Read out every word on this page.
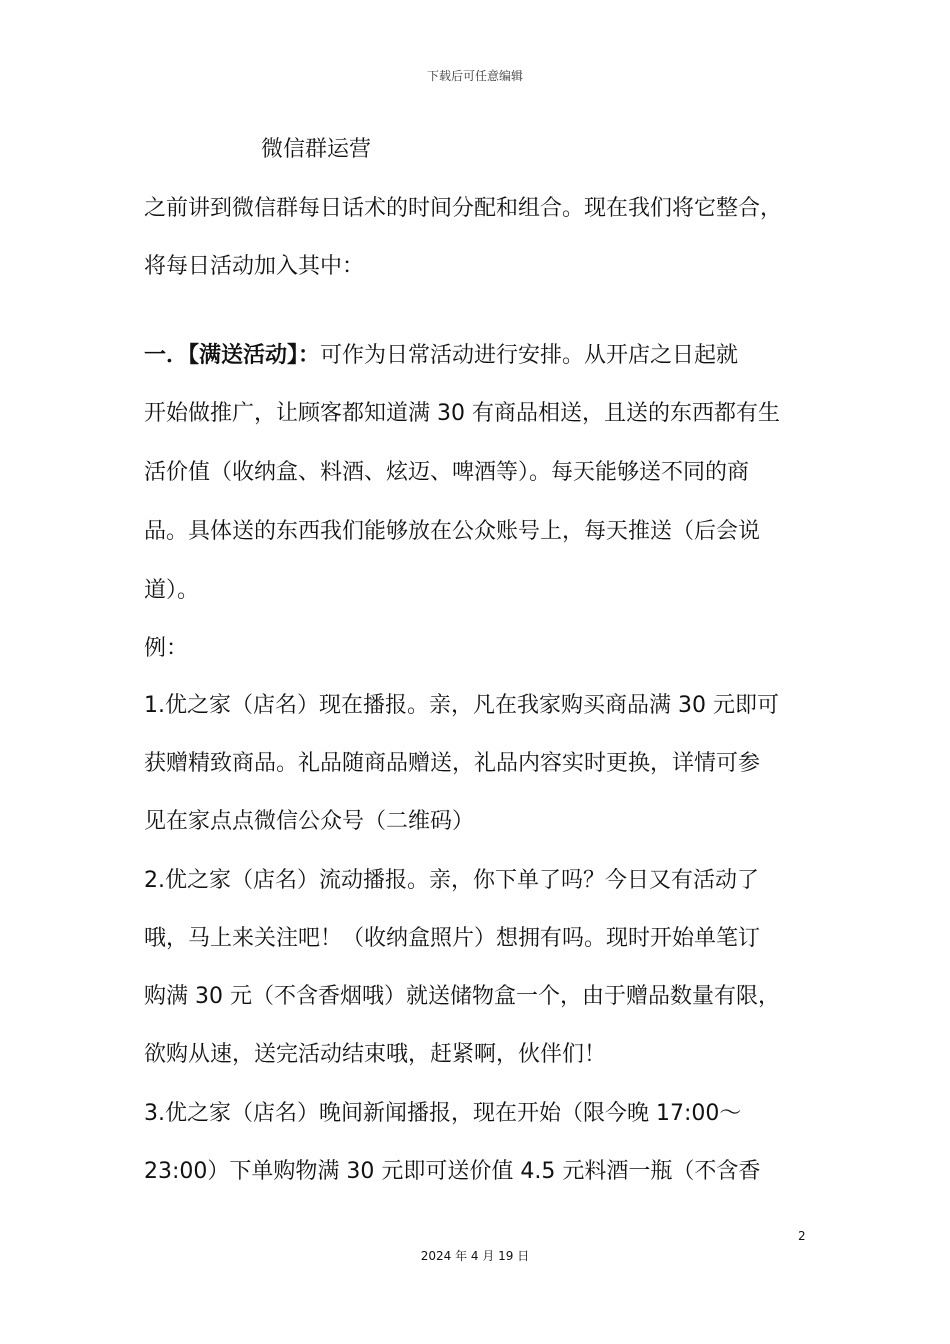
下载后可任意编辑
微信群运营
之前讲到微信群每日话术的时间分配和组合。现在我们将它整合，
将每日活动加入其中：
一．【满送活动】：可作为日常活动进行安排。从开店之日起就
开始做推广，让顾客都知道满 30 有商品相送，且送的东西都有生
活价值（收纳盒、料酒、炫迈、啤酒等）。每天能够送不同的商
品。具体送的东西我们能够放在公众账号上，每天推送（后会说
道）。
例：
1.优之家（店名）现在播报。亲，凡在我家购买商品满 30 元即可
获赠精致商品。礼品随商品赠送，礼品内容实时更换，详情可参
见在家点点微信公众号（二维码）
2.优之家（店名）流动播报。亲，你下单了吗？今日又有活动了
哦，马上来关注吧！（收纳盒照片）想拥有吗。现时开始单笔订
购满 30 元（不含香烟哦）就送储物盒一个，由于赠品数量有限，
欲购从速，送完活动结束哦，赶紧啊，伙伴们！
3.优之家（店名）晚间新闻播报，现在开始（限今晚 17:00～
23:00）下单购物满 30 元即可送价值 4.5 元料酒一瓶（不含香
2
2024 年 4 月 19 日
